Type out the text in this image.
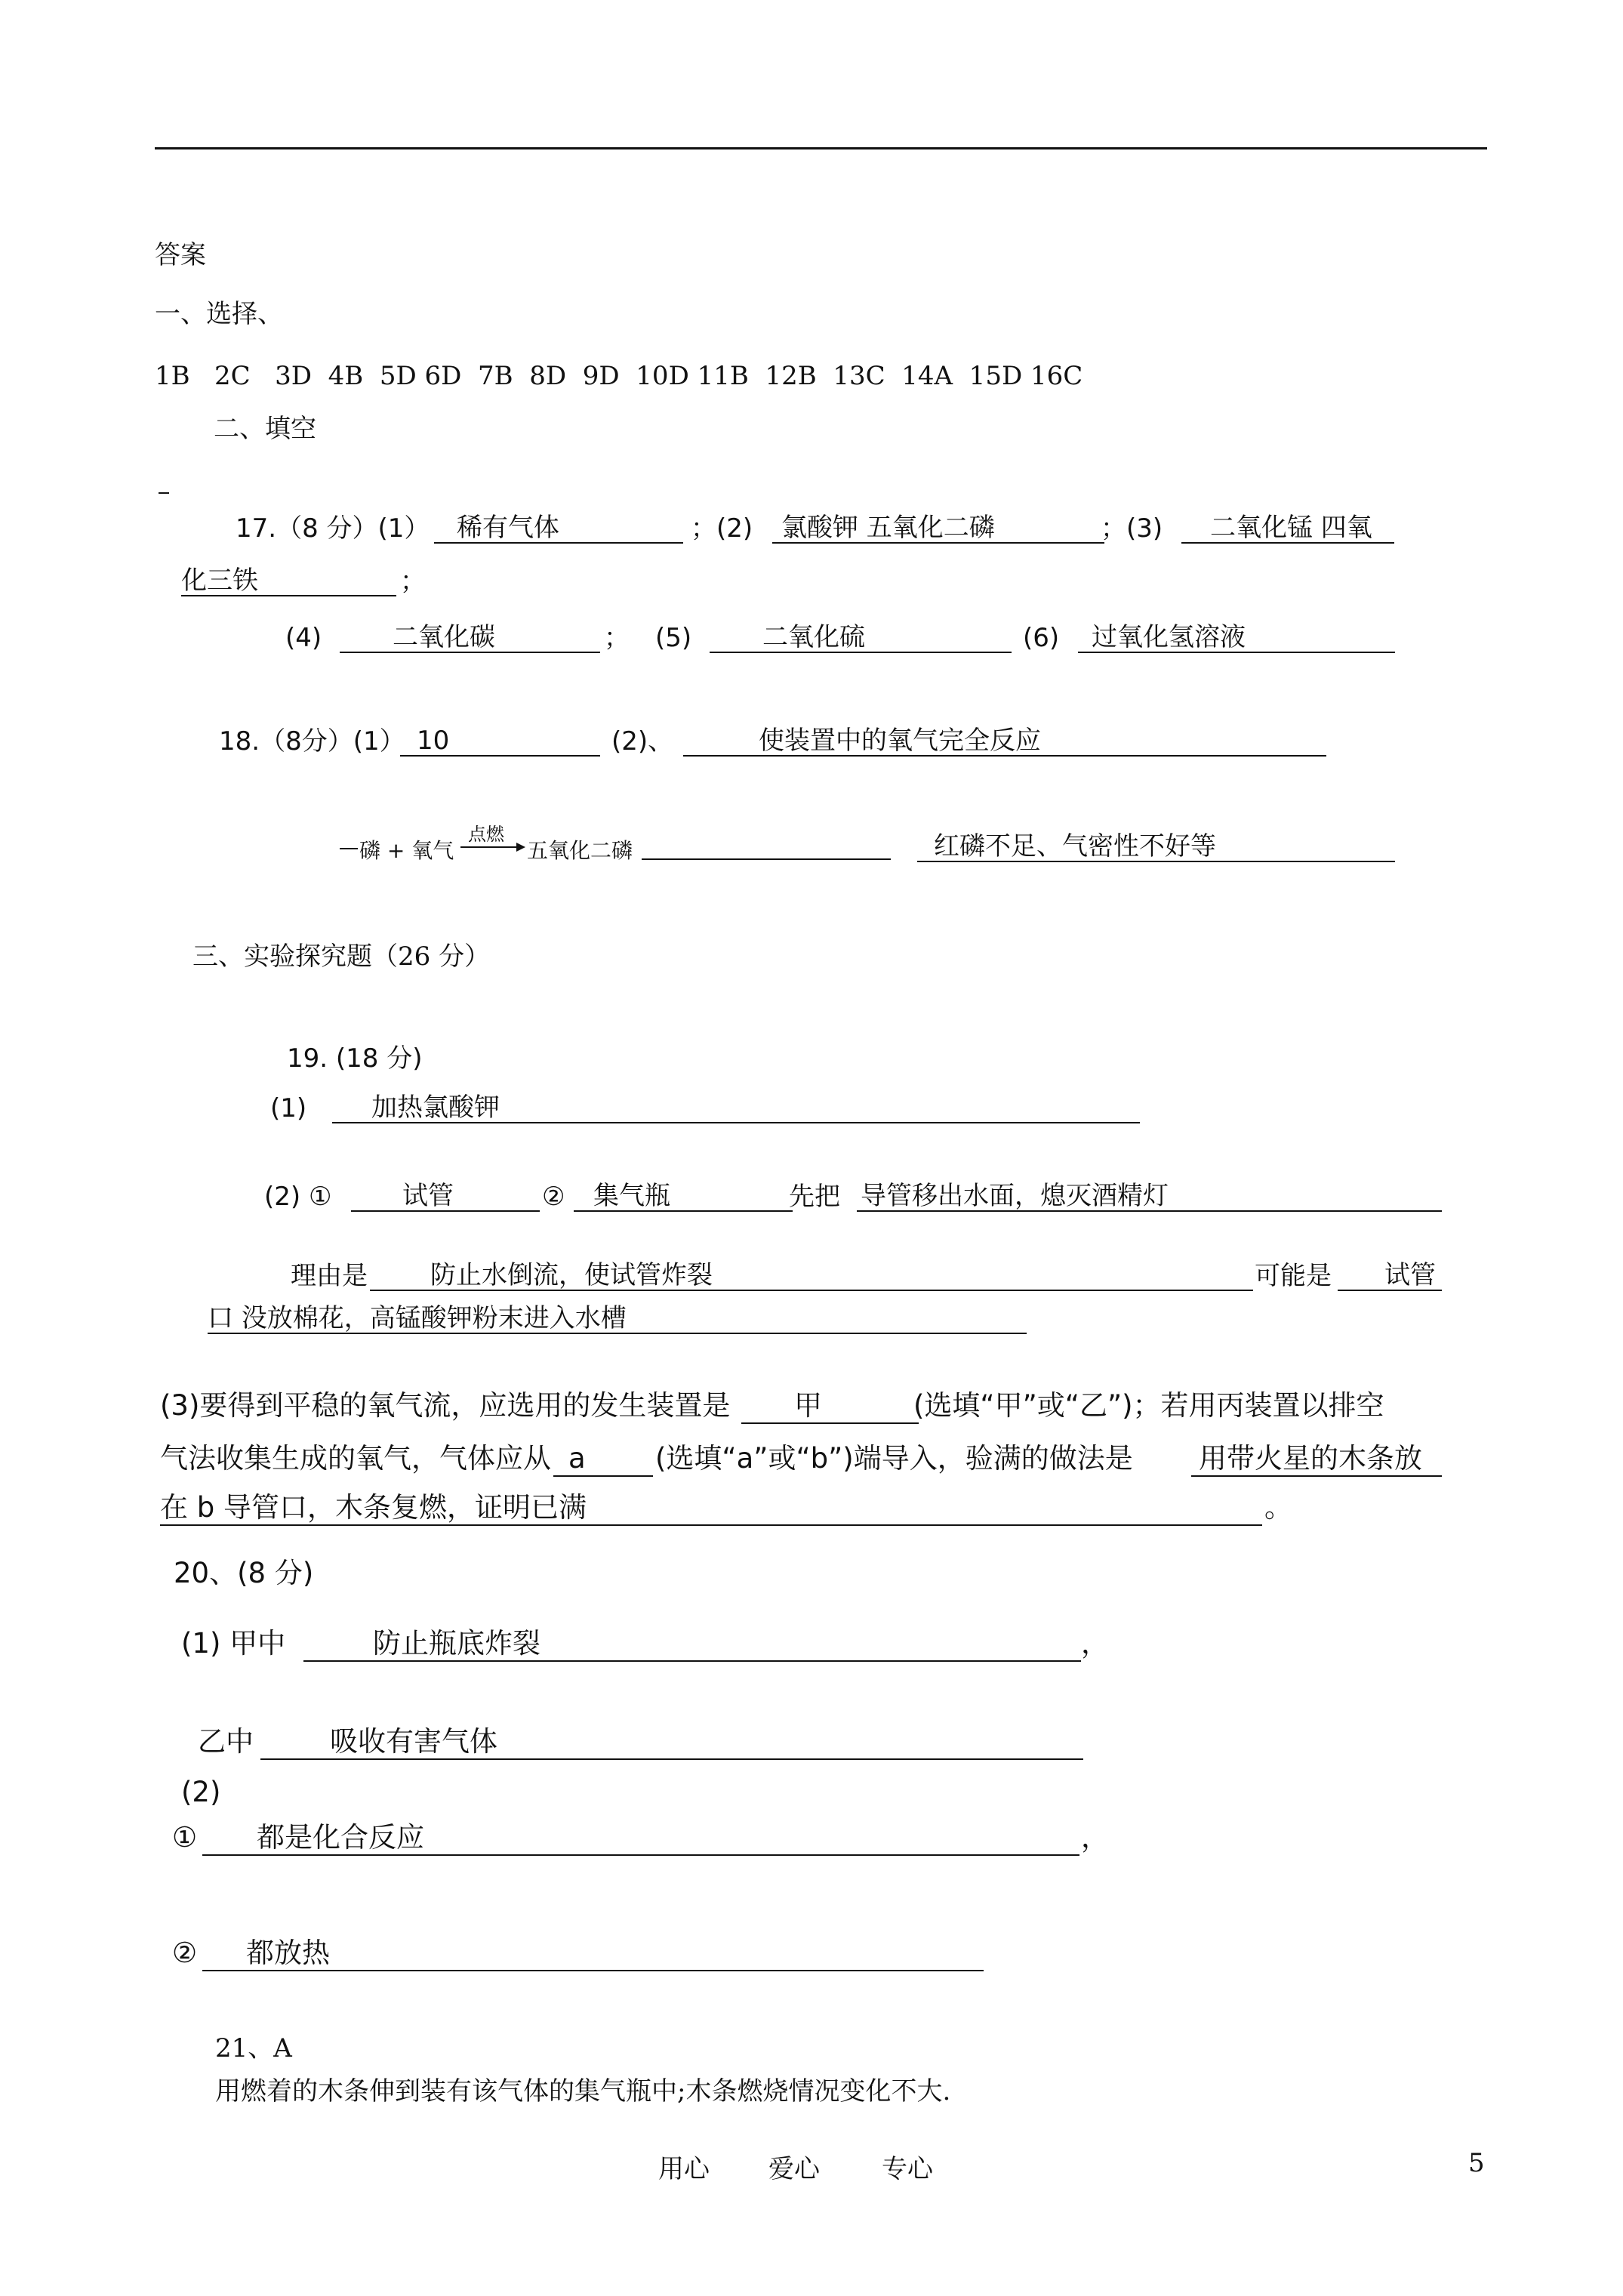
答案
一、选择、
1B   2C   3D  4B  5D 6D  7B  8D  9D  10D 11B  12B  13C  14A  15D 16C
二、填空
17.（8 分）(1）	稀有气体	；(2)	氯酸钾 五氧化二磷	；(3)	二氧化锰 四氧
化三铁	；
(4)	二氧化碳	； (5)	二氧化硫	(6)	过氧化氢溶液
18.（8分）(1） 10	(2)、	使装置中的氧气完全反应
磷 + 氧气
点燃
五氧化二磷	红磷不足、气密性不好等
三、实验探究题（26 分）
19. (18 分)
(1)	加热氯酸钾
(2) ①	试管	②	集气瓶	先把 导管移出水面，熄灭酒精灯
理由是	防止水倒流，使试管炸裂	可能是	试管
口 没放棉花，高锰酸钾粉末进入水槽
(3)要得到平稳的氧气流，应选用的发生装置是	甲	(选填“甲”或“乙”)；若用丙装置以排空
气法收集生成的氧气，气体应从 a	(选填“a”或“b”)端导入，验满的做法是 用带火星的木条放
在 b 导管口，木条复燃，证明已满	。
20、(8 分)
(1) 甲中	防止瓶底炸裂	，
乙中	吸收有害气体
(2)
①	都是化合反应	，
②	都放热
21、A
用燃着的木条伸到装有该气体的集气瓶中;木条燃烧情况变化不大.
用心 爱心 专心	5
